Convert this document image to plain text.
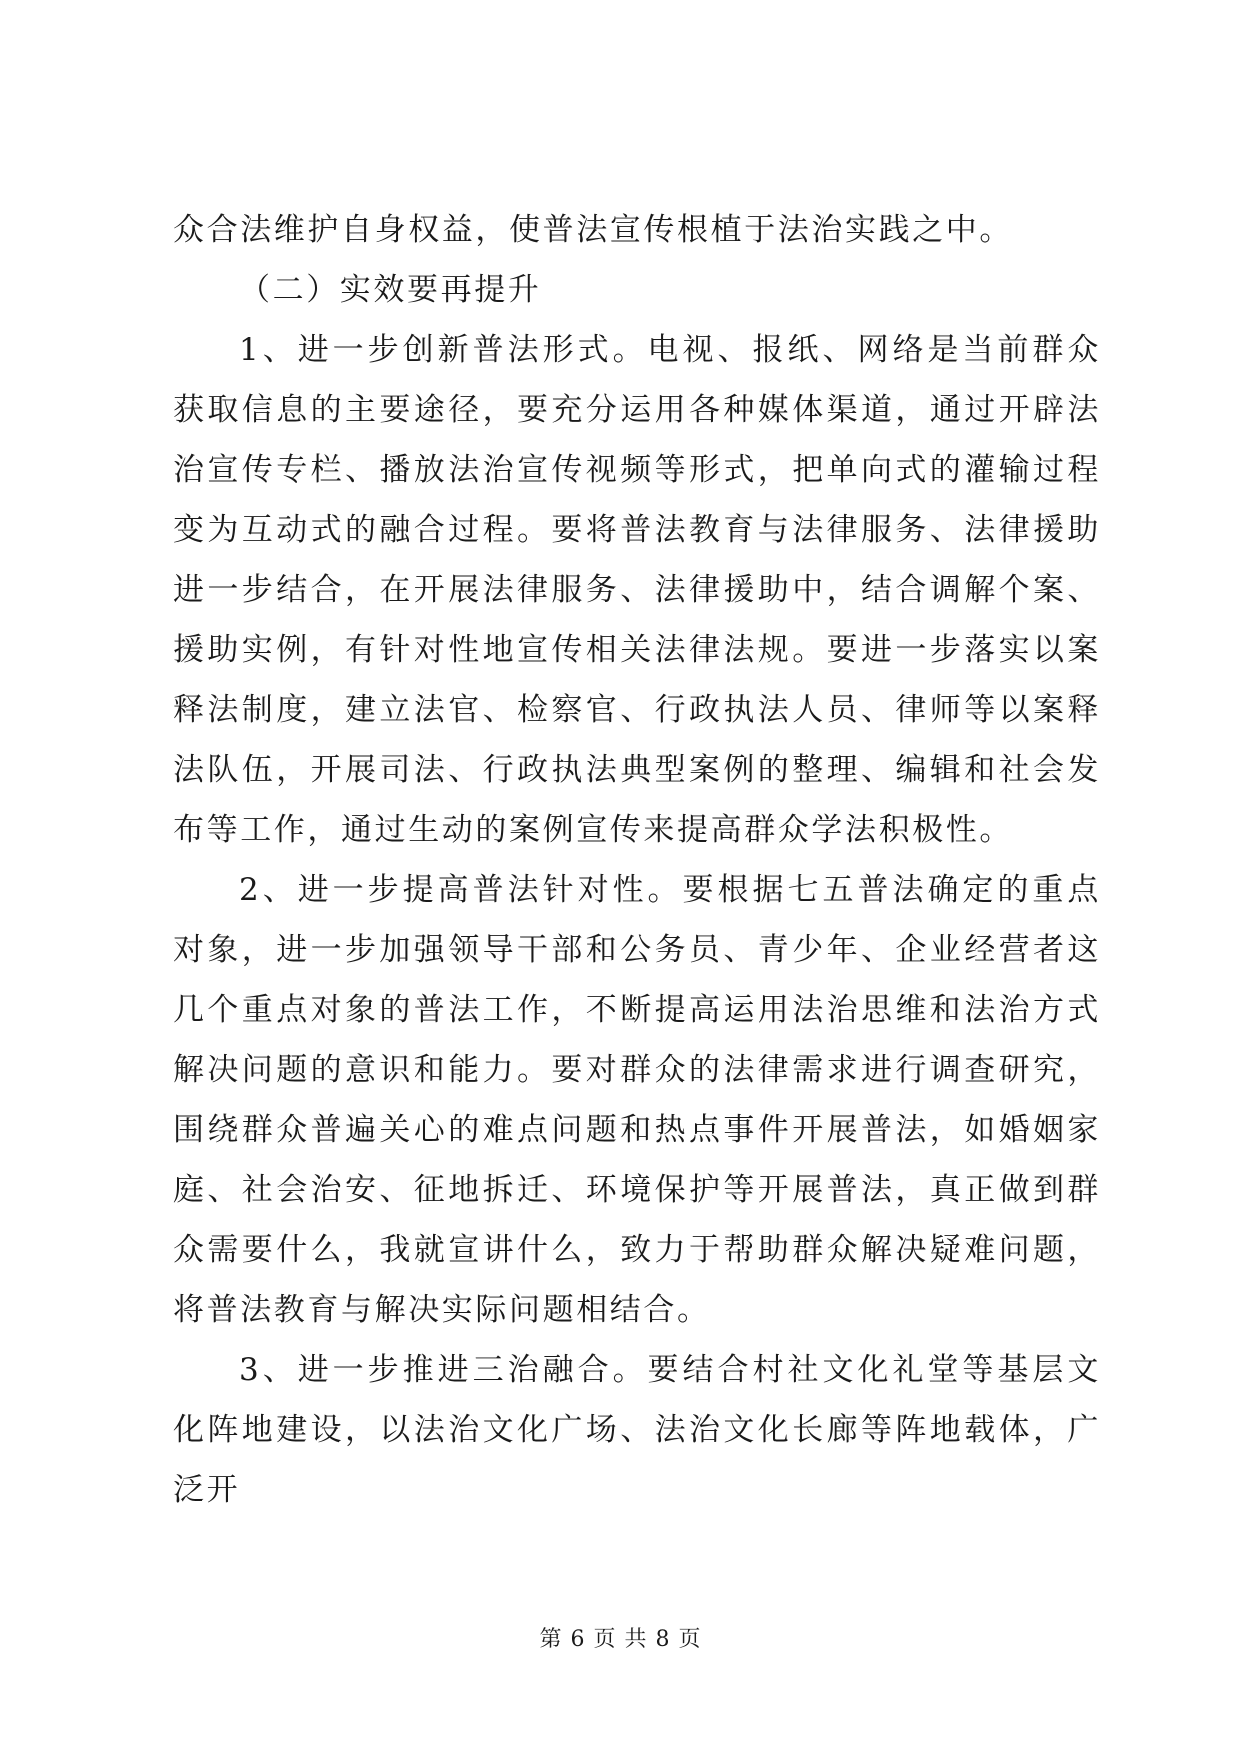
众合法维护自身权益，使普法宣传根植于法治实践之中。

（二）实效要再提升

1、进一步创新普法形式。电视、报纸、网络是当前群众获取信息的主要途径，要充分运用各种媒体渠道，通过开辟法治宣传专栏、播放法治宣传视频等形式，把单向式的灌输过程变为互动式的融合过程。要将普法教育与法律服务、法律援助进一步结合，在开展法律服务、法律援助中，结合调解个案、援助实例，有针对性地宣传相关法律法规。要进一步落实以案释法制度，建立法官、检察官、行政执法人员、律师等以案释法队伍，开展司法、行政执法典型案例的整理、编辑和社会发布等工作，通过生动的案例宣传来提高群众学法积极性。

2、进一步提高普法针对性。要根据七五普法确定的重点对象，进一步加强领导干部和公务员、青少年、企业经营者这几个重点对象的普法工作，不断提高运用法治思维和法治方式解决问题的意识和能力。要对群众的法律需求进行调查研究，围绕群众普遍关心的难点问题和热点事件开展普法，如婚姻家庭、社会治安、征地拆迁、环境保护等开展普法，真正做到群众需要什么，我就宣讲什么，致力于帮助群众解决疑难问题，将普法教育与解决实际问题相结合。

3、进一步推进三治融合。要结合村社文化礼堂等基层文化阵地建设，以法治文化广场、法治文化长廊等阵地载体，广泛开

第 6 页 共 8 页
